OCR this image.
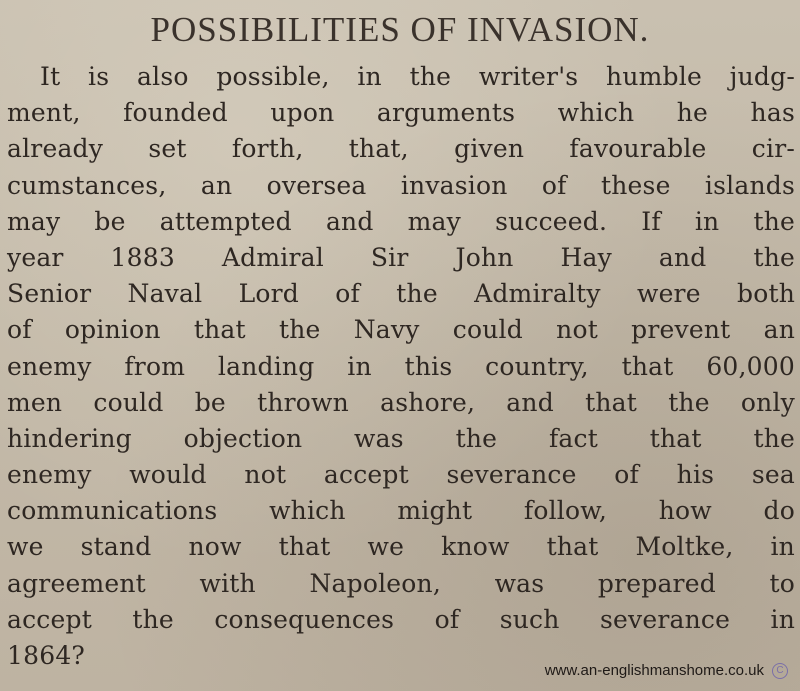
POSSIBILITIES OF INVASION.
It is also possible, in the writer's humble judg-
ment, founded upon arguments which he has
already set forth, that, given favourable cir-
cumstances, an oversea invasion of these islands
may be attempted and may succeed. If in the
year 1883 Admiral Sir John Hay and the
Senior Naval Lord of the Admiralty were both
of opinion that the Navy could not prevent an
enemy from landing in this country, that 60,000
men could be thrown ashore, and that the only
hindering objection was the fact that the
enemy would not accept severance of his sea
communications which might follow, how do
we stand now that we know that Moltke, in
agreement with Napoleon, was prepared to
accept the consequences of such severance in
1864?
www.an-englishmanshome.co.uk	C
